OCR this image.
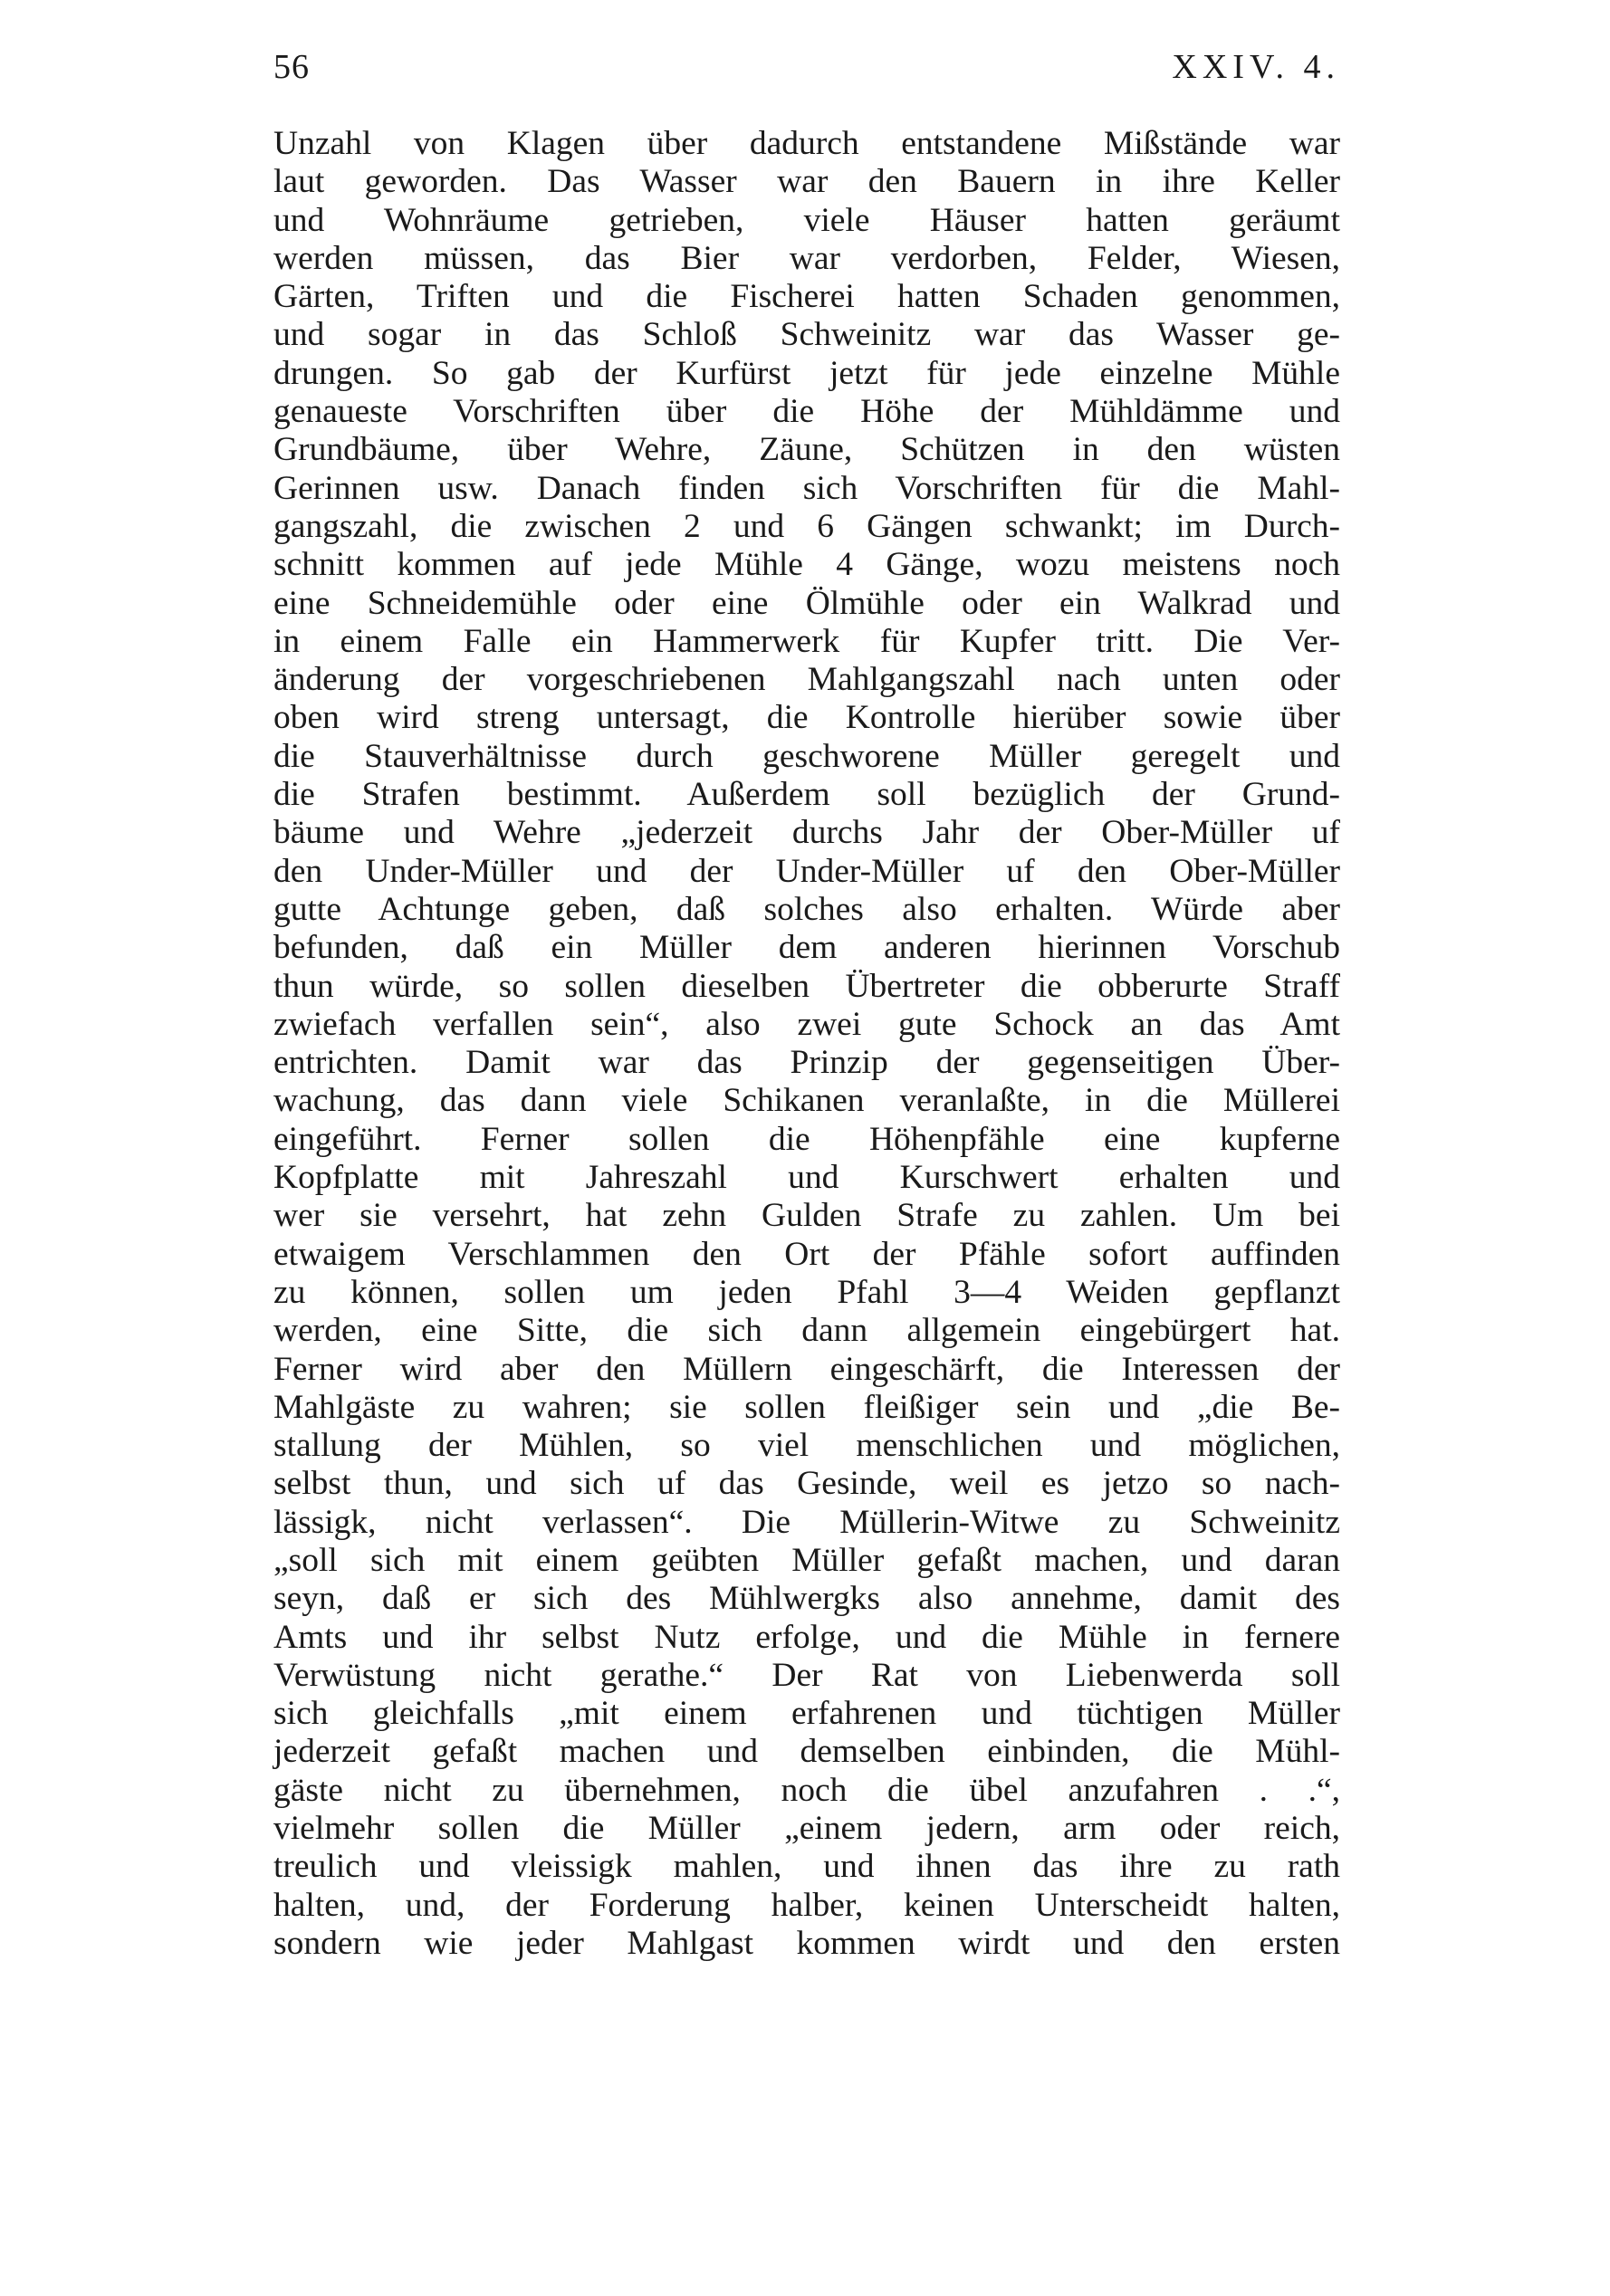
56	XXIV. 4.
Unzahl von Klagen über dadurch entstandene Mißstände war
laut geworden. Das Wasser war den Bauern in ihre Keller
und Wohnräume getrieben, viele Häuser hatten geräumt
werden müssen, das Bier war verdorben, Felder, Wiesen,
Gärten, Triften und die Fischerei hatten Schaden genommen,
und sogar in das Schloß Schweinitz war das Wasser ge-
drungen. So gab der Kurfürst jetzt für jede einzelne Mühle
genaueste Vorschriften über die Höhe der Mühldämme und
Grundbäume, über Wehre, Zäune, Schützen in den wüsten
Gerinnen usw. Danach finden sich Vorschriften für die Mahl-
gangszahl, die zwischen 2 und 6 Gängen schwankt; im Durch-
schnitt kommen auf jede Mühle 4 Gänge, wozu meistens noch
eine Schneidemühle oder eine Ölmühle oder ein Walkrad und
in einem Falle ein Hammerwerk für Kupfer tritt. Die Ver-
änderung der vorgeschriebenen Mahlgangszahl nach unten oder
oben wird streng untersagt, die Kontrolle hierüber sowie über
die Stauverhältnisse durch geschworene Müller geregelt und
die Strafen bestimmt. Außerdem soll bezüglich der Grund-
bäume und Wehre „jederzeit durchs Jahr der Ober-Müller uf
den Under-Müller und der Under-Müller uf den Ober-Müller
gutte Achtunge geben, daß solches also erhalten. Würde aber
befunden, daß ein Müller dem anderen hierinnen Vorschub
thun würde, so sollen dieselben Übertreter die obberurte Straff
zwiefach verfallen sein“, also zwei gute Schock an das Amt
entrichten. Damit war das Prinzip der gegenseitigen Über-
wachung, das dann viele Schikanen veranlaßte, in die Müllerei
eingeführt. Ferner sollen die Höhenpfähle eine kupferne
Kopfplatte mit Jahreszahl und Kurschwert erhalten und
wer sie versehrt, hat zehn Gulden Strafe zu zahlen. Um bei
etwaigem Verschlammen den Ort der Pfähle sofort auffinden
zu können, sollen um jeden Pfahl 3—4 Weiden gepflanzt
werden, eine Sitte, die sich dann allgemein eingebürgert hat.
Ferner wird aber den Müllern eingeschärft, die Interessen der
Mahlgäste zu wahren; sie sollen fleißiger sein und „die Be-
stallung der Mühlen, so viel menschlichen und möglichen,
selbst thun, und sich uf das Gesinde, weil es jetzo so nach-
lässigk, nicht verlassen“. Die Müllerin-Witwe zu Schweinitz
„soll sich mit einem geübten Müller gefaßt machen, und daran
seyn, daß er sich des Mühlwergks also annehme, damit des
Amts und ihr selbst Nutz erfolge, und die Mühle in fernere
Verwüstung nicht gerathe.“ Der Rat von Liebenwerda soll
sich gleichfalls „mit einem erfahrenen und tüchtigen Müller
jederzeit gefaßt machen und demselben einbinden, die Mühl-
gäste nicht zu übernehmen, noch die übel anzufahren . .“,
vielmehr sollen die Müller „einem jedern, arm oder reich,
treulich und vleissigk mahlen, und ihnen das ihre zu rath
halten, und, der Forderung halber, keinen Unterscheidt halten,
sondern wie jeder Mahlgast kommen wirdt und den ersten
